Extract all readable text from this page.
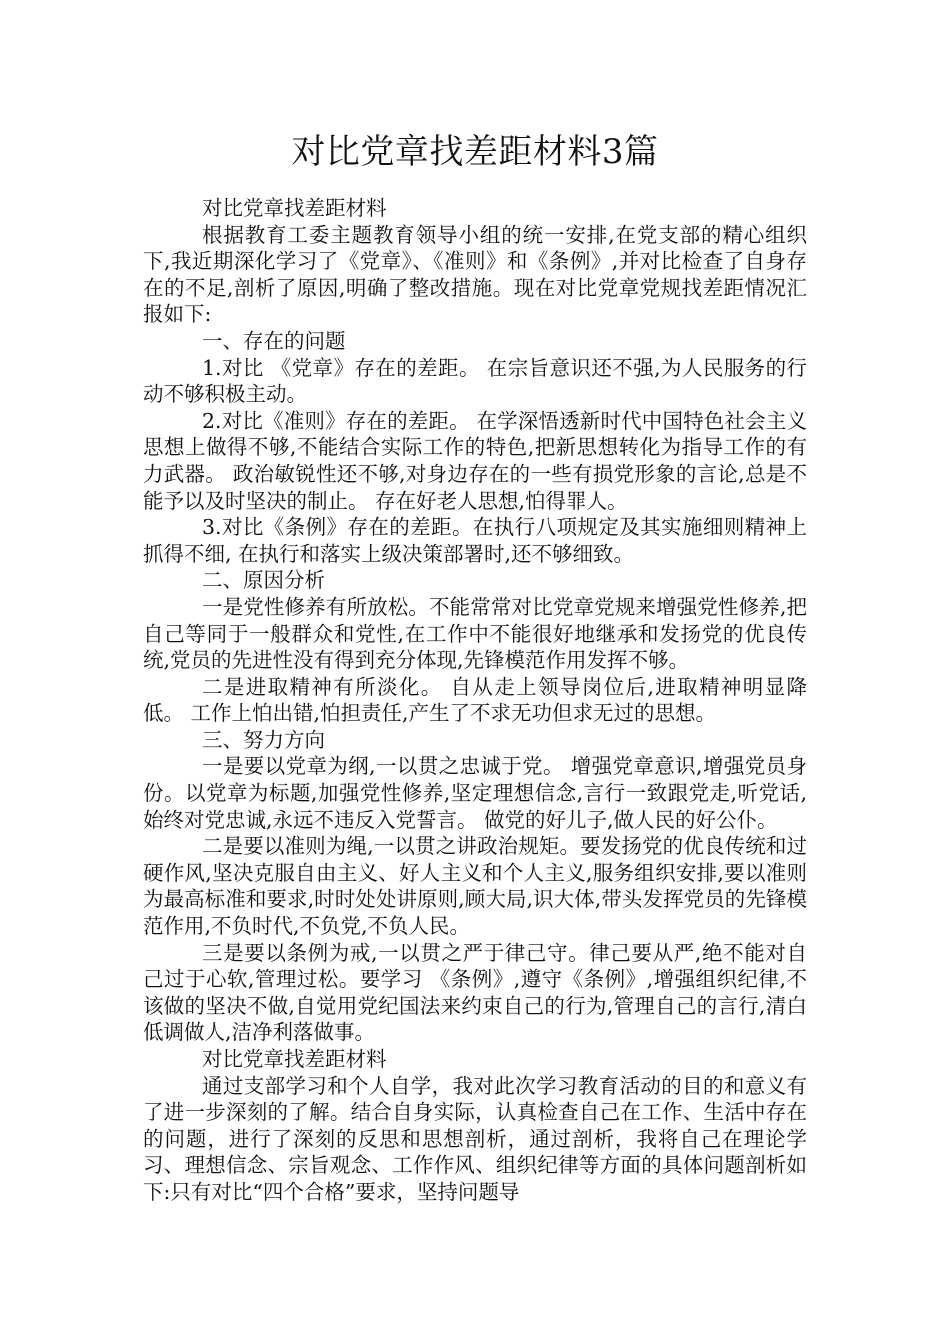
对比党章找差距材料3篇

对比党章找差距材料

根据教育工委主题教育领导小组的统一安排,在党支部的精心组织下,我近期深化学习了《党章》、《准则》和《条例》,并对比检查了自身存在的不足,剖析了原因,明确了整改措施。现在对比党章党规找差距情况汇报如下:

一、存在的问题

1.对比 《党章》存在的差距。 在宗旨意识还不强,为人民服务的行动不够积极主动。

2.对比《准则》存在的差距。 在学深悟透新时代中国特色社会主义思想上做得不够,不能结合实际工作的特色,把新思想转化为指导工作的有力武器。 政治敏锐性还不够,对身边存在的一些有损党形象的言论,总是不能予以及时坚决的制止。 存在好老人思想,怕得罪人。

3.对比《条例》存在的差距。在执行八项规定及其实施细则精神上抓得不细, 在执行和落实上级决策部署时,还不够细致。

二、原因分析

一是党性修养有所放松。不能常常对比党章党规来增强党性修养,把自己等同于一般群众和党性,在工作中不能很好地继承和发扬党的优良传统,党员的先进性没有得到充分体现,先锋模范作用发挥不够。

二是进取精神有所淡化。 自从走上领导岗位后,进取精神明显降低。 工作上怕出错,怕担责任,产生了不求无功但求无过的思想。

三、努力方向

一是要以党章为纲,一以贯之忠诚于党。 增强党章意识,增强党员身份。以党章为标题,加强党性修养,坚定理想信念,言行一致跟党走,听党话,始终对党忠诚,永远不违反入党誓言。 做党的好儿子,做人民的好公仆。

二是要以准则为绳,一以贯之讲政治规矩。要发扬党的优良传统和过硬作风,坚决克服自由主义、好人主义和个人主义,服务组织安排,要以准则为最高标准和要求,时时处处讲原则,顾大局,识大体,带头发挥党员的先锋模范作用,不负时代,不负党,不负人民。

三是要以条例为戒,一以贯之严于律己守。律己要从严,绝不能对自己过于心软,管理过松。要学习 《条例》,遵守《条例》,增强组织纪律,不该做的坚决不做,自觉用党纪国法来约束自己的行为,管理自己的言行,清白低调做人,洁净利落做事。

对比党章找差距材料

通过支部学习和个人自学，我对此次学习教育活动的目的和意义有了进一步深刻的了解。结合自身实际，认真检查自己在工作、生活中存在的问题，进行了深刻的反思和思想剖析，通过剖析，我将自己在理论学习、理想信念、宗旨观念、工作作风、组织纪律等方面的具体问题剖析如下:只有对比“四个合格”要求，坚持问题导
